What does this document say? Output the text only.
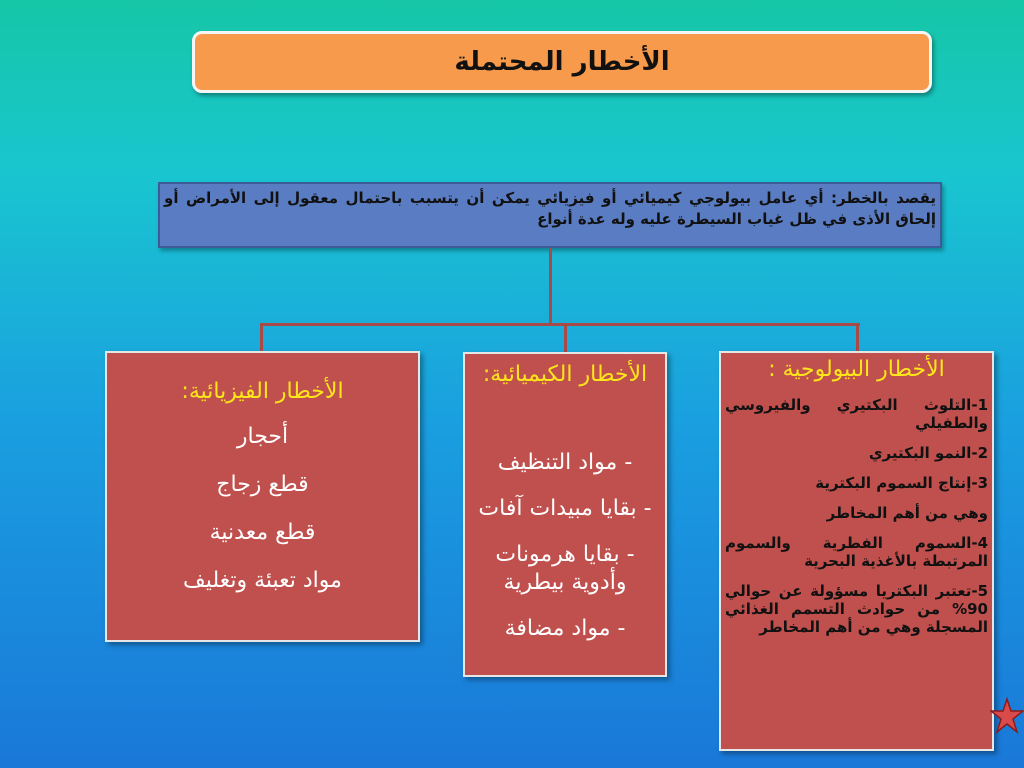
الأخطار المحتملة
يقصد بالخطر: أي عامل بيولوجي كيميائي أو فيزيائي يمكن أن يتسبب باحتمال معقول إلى الأمراض أو إلحاق الأذى في ظل غياب السيطرة عليه وله عدة أنواع
الأخطار الفيزيائية:
أحجار
قطع زجاج
قطع معدنية
مواد تعبئة وتغليف
الأخطار الكيميائية:
- مواد التنظيف
- بقايا مبيدات آفات
- بقايا هرمونات وأدوية بيطرية
- مواد مضافة
الأخطار البيولوجية :
1-التلوث البكتيري والفيروسي والطفيلي
2-النمو البكتيري
3-إنتاج السموم البكترية
وهي من أهم المخاطر
4-السموم الفطرية والسموم المرتبطة بالأغذية البحرية
5-تعتبر البكتريا مسؤولة عن حوالي 90% من حوادث التسمم الغذائي المسجلة وهي من أهم المخاطر
